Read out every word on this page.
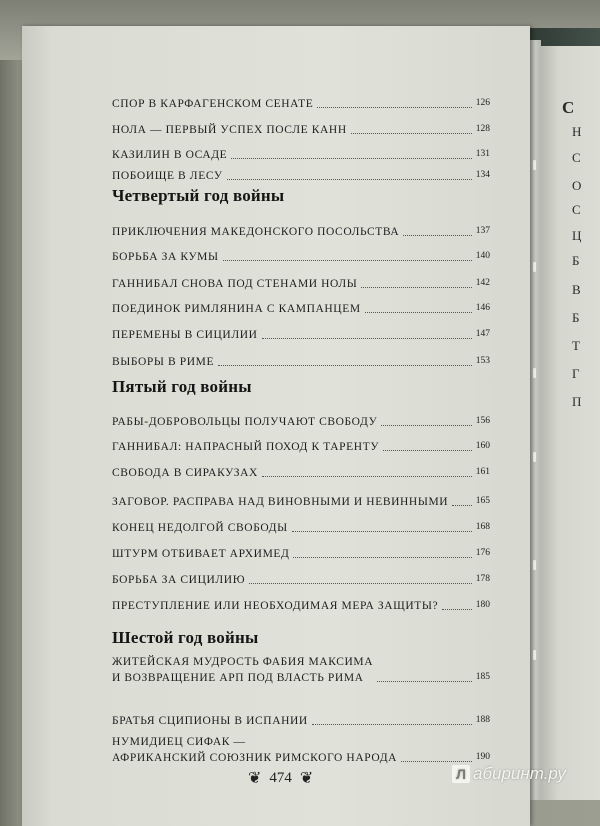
С
Н
С
О
С
Ц
Б
В
Б
Т
Г
П
СПОР В КАРФАГЕНСКОМ СЕНАТЕ	126
НОЛА — ПЕРВЫЙ УСПЕХ ПОСЛЕ КАНН	128
КАЗИЛИН В ОСАДЕ	131
ПОБОИЩЕ В ЛЕСУ	134
Четвертый год войны
ПРИКЛЮЧЕНИЯ МАКЕДОНСКОГО ПОСОЛЬСТВА	137
БОРЬБА ЗА КУМЫ	140
ГАННИБАЛ СНОВА ПОД СТЕНАМИ НОЛЫ	142
ПОЕДИНОК РИМЛЯНИНА С КАМПАНЦЕМ	146
ПЕРЕМЕНЫ В СИЦИЛИИ	147
ВЫБОРЫ В РИМЕ	153
Пятый год войны
РАБЫ-ДОБРОВОЛЬЦЫ ПОЛУЧАЮТ СВОБОДУ	156
ГАННИБАЛ: НАПРАСНЫЙ ПОХОД К ТАРЕНТУ	160
СВОБОДА В СИРАКУЗАХ	161
ЗАГОВОР. РАСПРАВА НАД ВИНОВНЫМИ И НЕВИННЫМИ	165
КОНЕЦ НЕДОЛГОЙ СВОБОДЫ	168
ШТУРМ ОТБИВАЕТ АРХИМЕД	176
БОРЬБА ЗА СИЦИЛИЮ	178
ПРЕСТУПЛЕНИЕ ИЛИ НЕОБХОДИМАЯ МЕРА ЗАЩИТЫ?	180
Шестой год войны
ЖИТЕЙСКАЯ МУДРОСТЬ ФАБИЯ МАКСИМА
И ВОЗВРАЩЕНИЕ АРП ПОД ВЛАСТЬ РИМА	185
БРАТЬЯ СЦИПИОНЫ В ИСПАНИИ	188
НУМИДИЕЦ СИФАК —
АФРИКАНСКИЙ СОЮЗНИК РИМСКОГО НАРОДА	190
❦ 474 ❦	Л абиринт.ру
